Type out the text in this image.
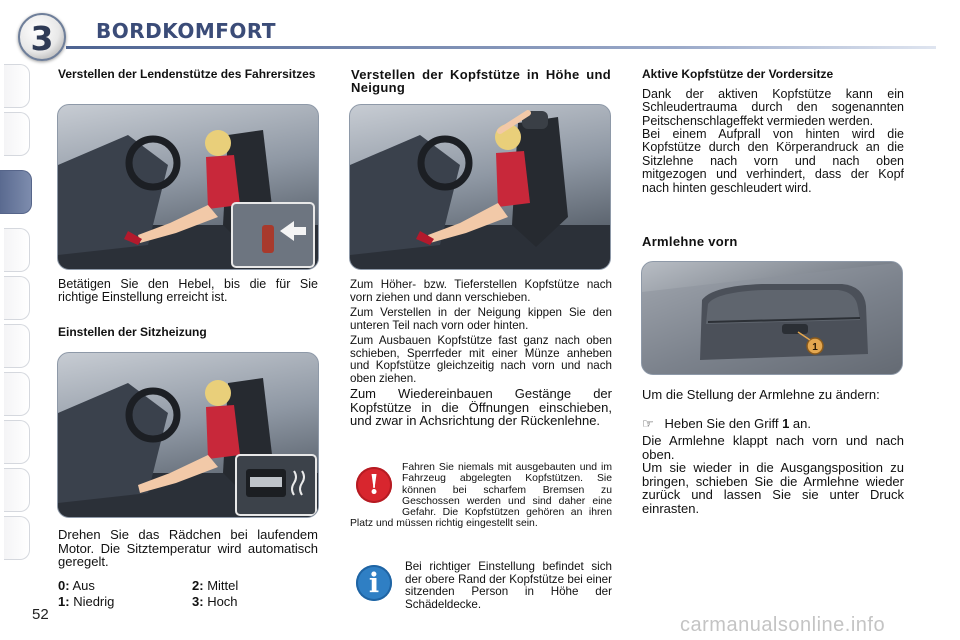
3	BORDKOMFORT
Verstellen der Lendenstütze des Fahrersitzes
Betätigen Sie den Hebel, bis die für Sie richtige Einstellung erreicht ist.
Einstellen der Sitzheizung
Drehen Sie das Rädchen bei laufendem Motor. Die Sitztemperatur wird automatisch geregelt.
0: Aus
1: Niedrig
2: Mittel
3: Hoch
Verstellen der Kopfstütze in Höhe und Neigung
Zum Höher- bzw. Tieferstellen Kopfstütze nach vorn ziehen und dann verschieben.
Zum Verstellen in der Neigung kippen Sie den unteren Teil nach vorn oder hinten.
Zum Ausbauen Kopfstütze fast ganz nach oben schieben, Sperrfeder mit einer Münze anheben und Kopfstütze gleichzeitig nach vorn und nach oben ziehen.
Zum Wiedereinbauen Gestänge der Kopfstütze in die Öffnungen einschieben, und zwar in Achsrichtung der Rückenlehne.
!
Fahren Sie niemals mit ausgebauten und im Fahrzeug abgelegten Kopfstützen. Sie können bei scharfem Bremsen zu Geschossen werden und sind daher eine Gefahr. Die Kopfstützen gehören an ihren Platz und müssen richtig eingestellt sein.
i
Bei richtiger Einstellung befindet sich der obere Rand der Kopfstütze bei einer sitzenden Person in Höhe der Schädeldecke.
Aktive Kopfstütze der Vordersitze
Dank der aktiven Kopfstütze kann ein Schleudertrauma durch den sogenannten Peitschenschlageffekt vermieden werden.
Bei einem Aufprall von hinten wird die Kopfstütze durch den Körperandruck an die Sitzlehne nach vorn und nach oben mitgezogen und verhindert, dass der Kopf nach hinten geschleudert wird.
Armlehne vorn
1
Um die Stellung der Armlehne zu ändern:
☞ Heben Sie den Griff 1 an.
Die Armlehne klappt nach vorn und nach oben.
Um sie wieder in die Ausgangsposition zu bringen, schieben Sie die Armlehne wieder zurück und lassen Sie sie unter Druck einrasten.
52	carmanualsonline.info
